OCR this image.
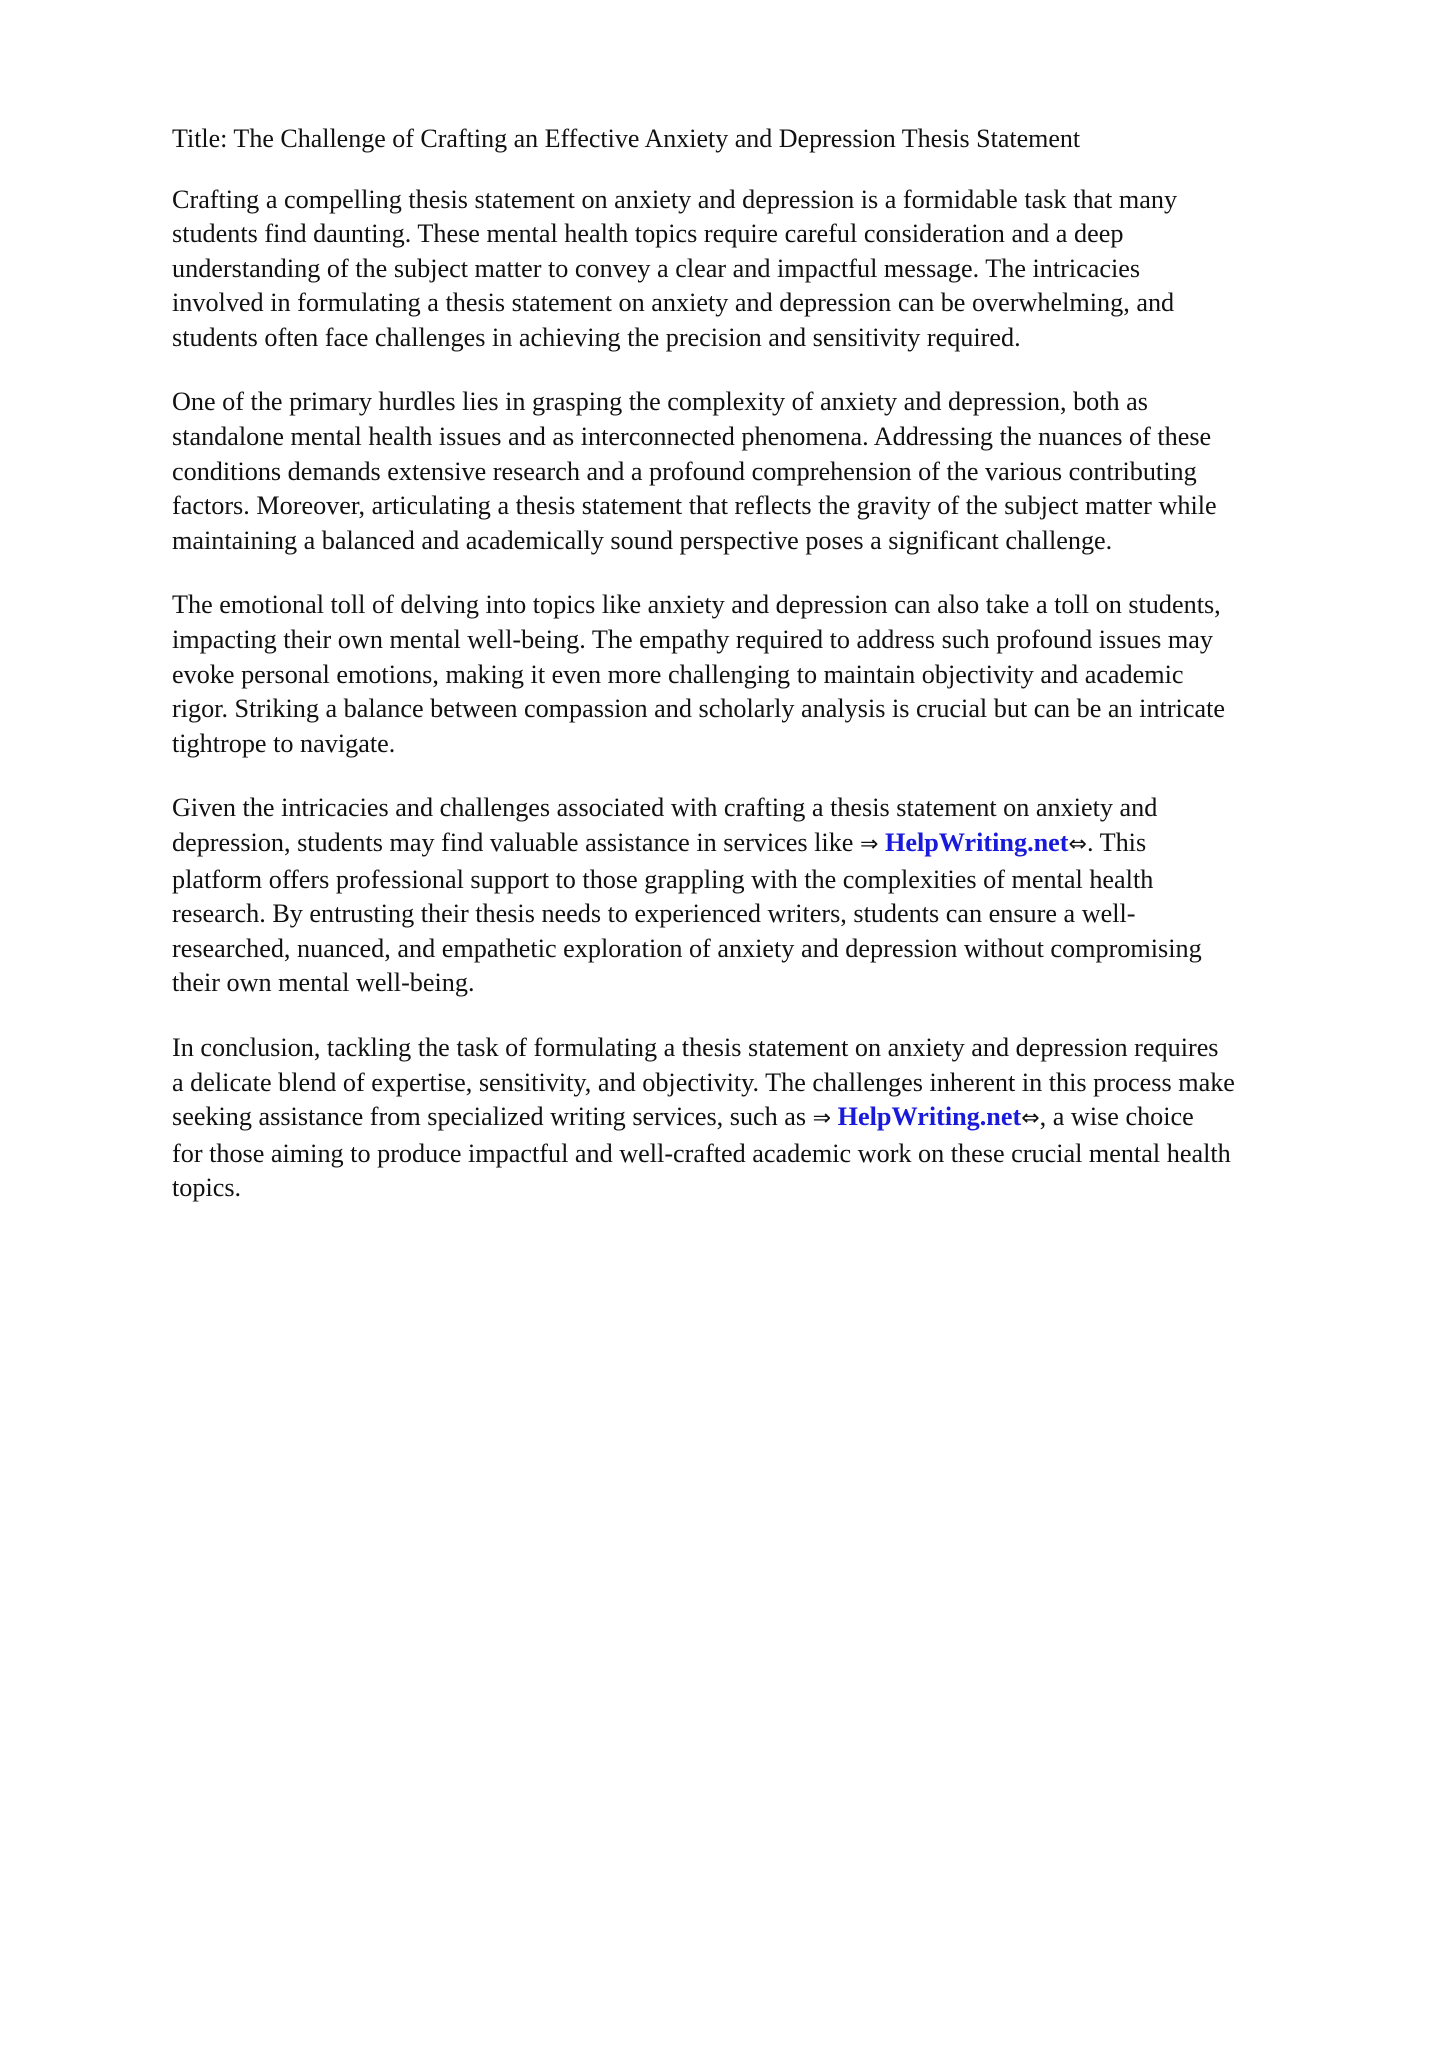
Title: The Challenge of Crafting an Effective Anxiety and Depression Thesis Statement

Crafting a compelling thesis statement on anxiety and depression is a formidable task that many
students find daunting. These mental health topics require careful consideration and a deep
understanding of the subject matter to convey a clear and impactful message. The intricacies
involved in formulating a thesis statement on anxiety and depression can be overwhelming, and
students often face challenges in achieving the precision and sensitivity required.

One of the primary hurdles lies in grasping the complexity of anxiety and depression, both as
standalone mental health issues and as interconnected phenomena. Addressing the nuances of these
conditions demands extensive research and a profound comprehension of the various contributing
factors. Moreover, articulating a thesis statement that reflects the gravity of the subject matter while
maintaining a balanced and academically sound perspective poses a significant challenge.

The emotional toll of delving into topics like anxiety and depression can also take a toll on students,
impacting their own mental well-being. The empathy required to address such profound issues may
evoke personal emotions, making it even more challenging to maintain objectivity and academic
rigor. Striking a balance between compassion and scholarly analysis is crucial but can be an intricate
tightrope to navigate.

Given the intricacies and challenges associated with crafting a thesis statement on anxiety and
depression, students may find valuable assistance in services like ⇒ HelpWriting.net⇔. This
platform offers professional support to those grappling with the complexities of mental health
research. By entrusting their thesis needs to experienced writers, students can ensure a well-
researched, nuanced, and empathetic exploration of anxiety and depression without compromising
their own mental well-being.

In conclusion, tackling the task of formulating a thesis statement on anxiety and depression requires
a delicate blend of expertise, sensitivity, and objectivity. The challenges inherent in this process make
seeking assistance from specialized writing services, such as ⇒ HelpWriting.net⇔, a wise choice
for those aiming to produce impactful and well-crafted academic work on these crucial mental health
topics.
